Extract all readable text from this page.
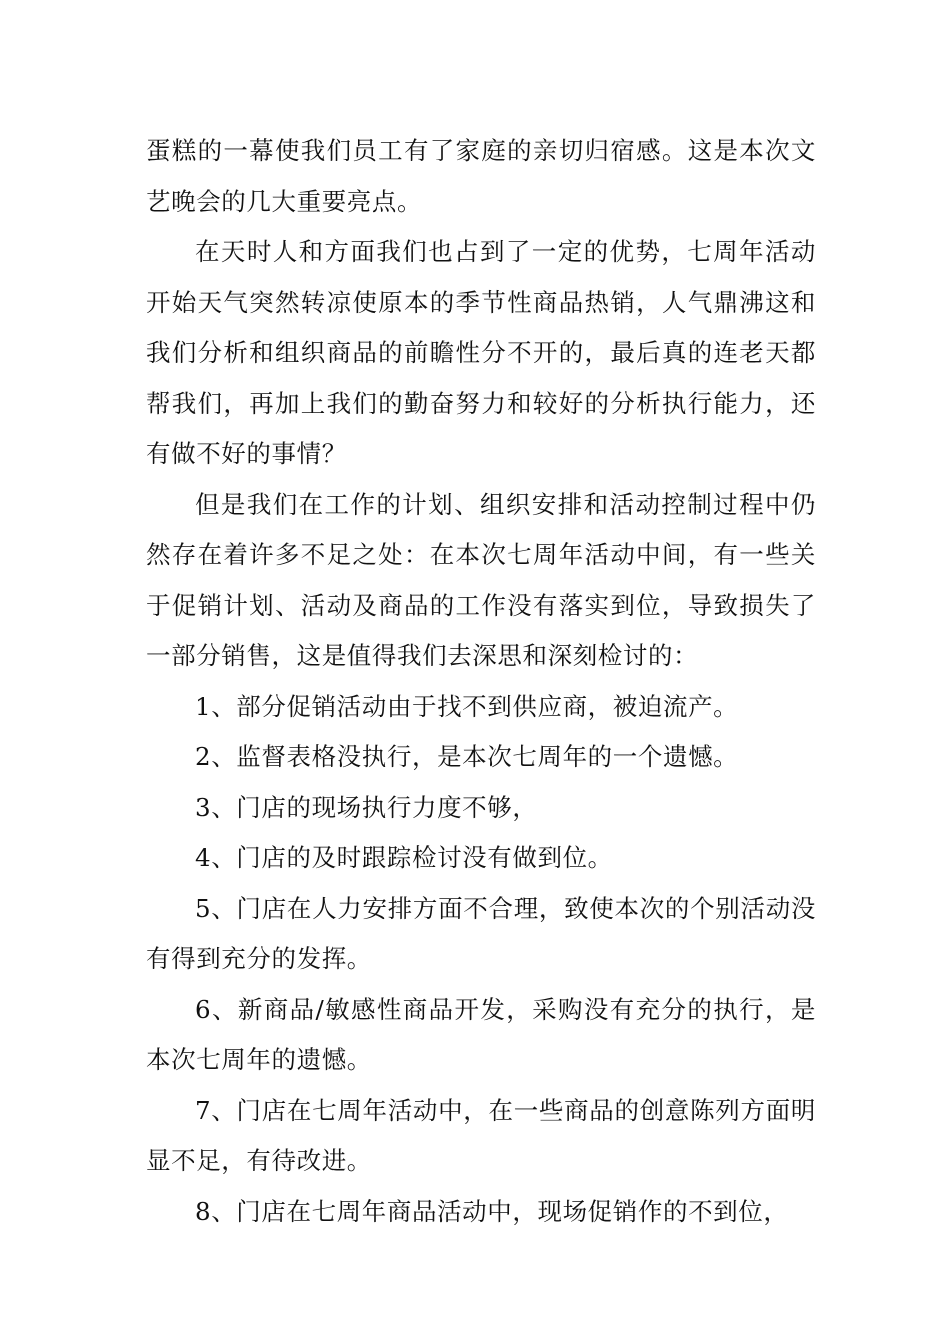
蛋糕的一幕使我们员工有了家庭的亲切归宿感。这是本次文艺晚会的几大重要亮点。

在天时人和方面我们也占到了一定的优势，七周年活动开始天气突然转凉使原本的季节性商品热销，人气鼎沸这和我们分析和组织商品的前瞻性分不开的，最后真的连老天都帮我们，再加上我们的勤奋努力和较好的分析执行能力，还有做不好的事情？

但是我们在工作的计划、组织安排和活动控制过程中仍然存在着许多不足之处：在本次七周年活动中间，有一些关于促销计划、活动及商品的工作没有落实到位，导致损失了一部分销售，这是值得我们去深思和深刻检讨的：

1、部分促销活动由于找不到供应商，被迫流产。

2、监督表格没执行，是本次七周年的一个遗憾。

3、门店的现场执行力度不够，

4、门店的及时跟踪检讨没有做到位。

5、门店在人力安排方面不合理，致使本次的个别活动没有得到充分的发挥。

6、新商品/敏感性商品开发，采购没有充分的执行，是本次七周年的遗憾。

7、门店在七周年活动中，在一些商品的创意陈列方面明显不足，有待改进。

8、门店在七周年商品活动中，现场促销作的不到位，
